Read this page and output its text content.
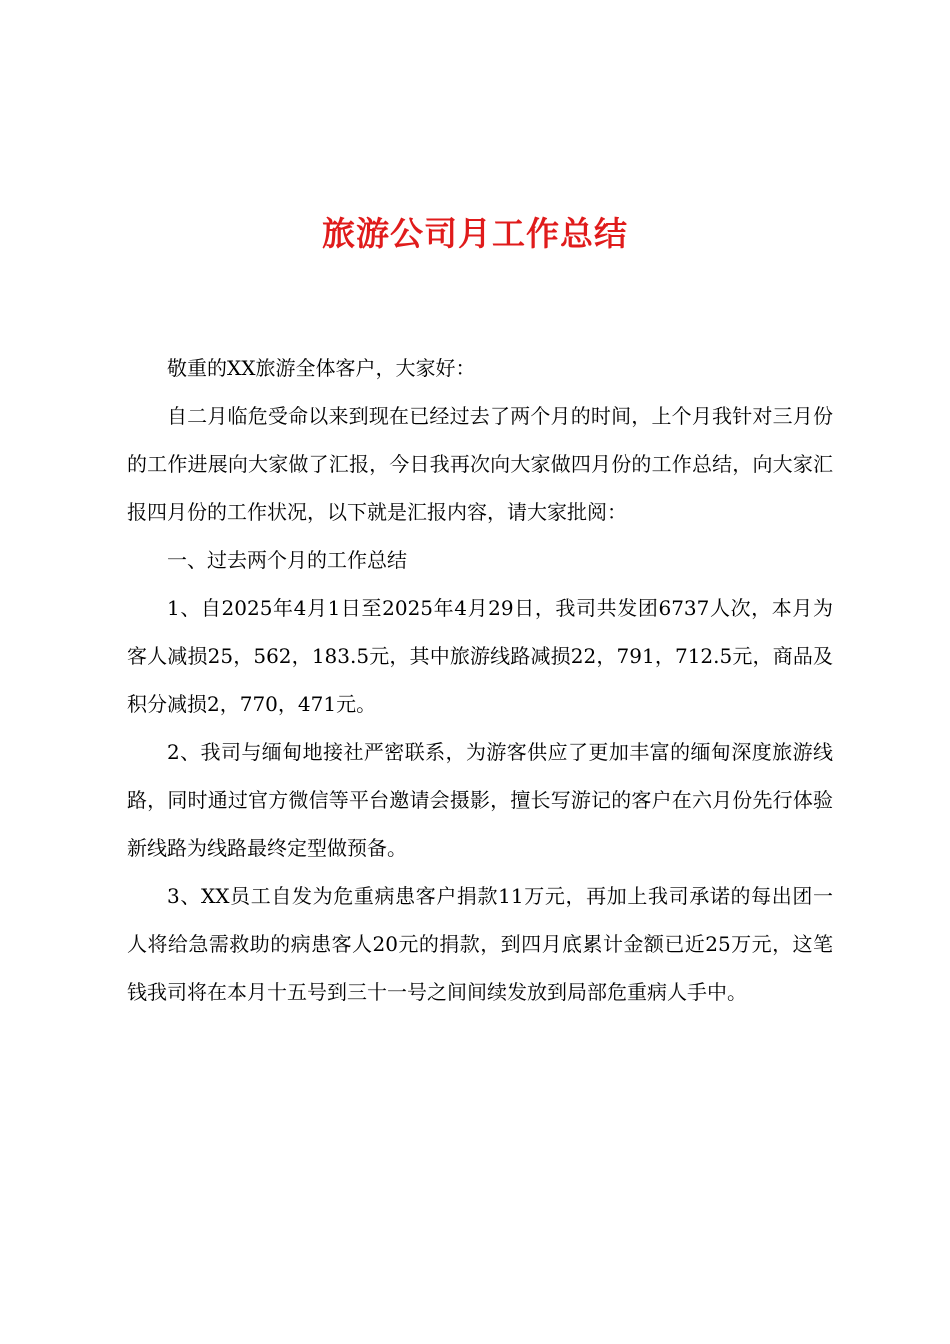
旅游公司月工作总结

敬重的XX旅游全体客户，大家好：

自二月临危受命以来到现在已经过去了两个月的时间，上个月我针对三月份的工作进展向大家做了汇报，今日我再次向大家做四月份的工作总结，向大家汇报四月份的工作状况，以下就是汇报内容，请大家批阅：

一、过去两个月的工作总结

1、自2025年4月1日至2025年4月29日，我司共发团6737人次，本月为客人减损25，562，183.5元，其中旅游线路减损22，791，712.5元，商品及积分减损2，770，471元。

2、我司与缅甸地接社严密联系，为游客供应了更加丰富的缅甸深度旅游线路，同时通过官方微信等平台邀请会摄影，擅长写游记的客户在六月份先行体验新线路为线路最终定型做预备。

3、XX员工自发为危重病患客户捐款11万元，再加上我司承诺的每出团一人将给急需救助的病患客人20元的捐款，到四月底累计金额已近25万元，这笔钱我司将在本月十五号到三十一号之间间续发放到局部危重病人手中。
